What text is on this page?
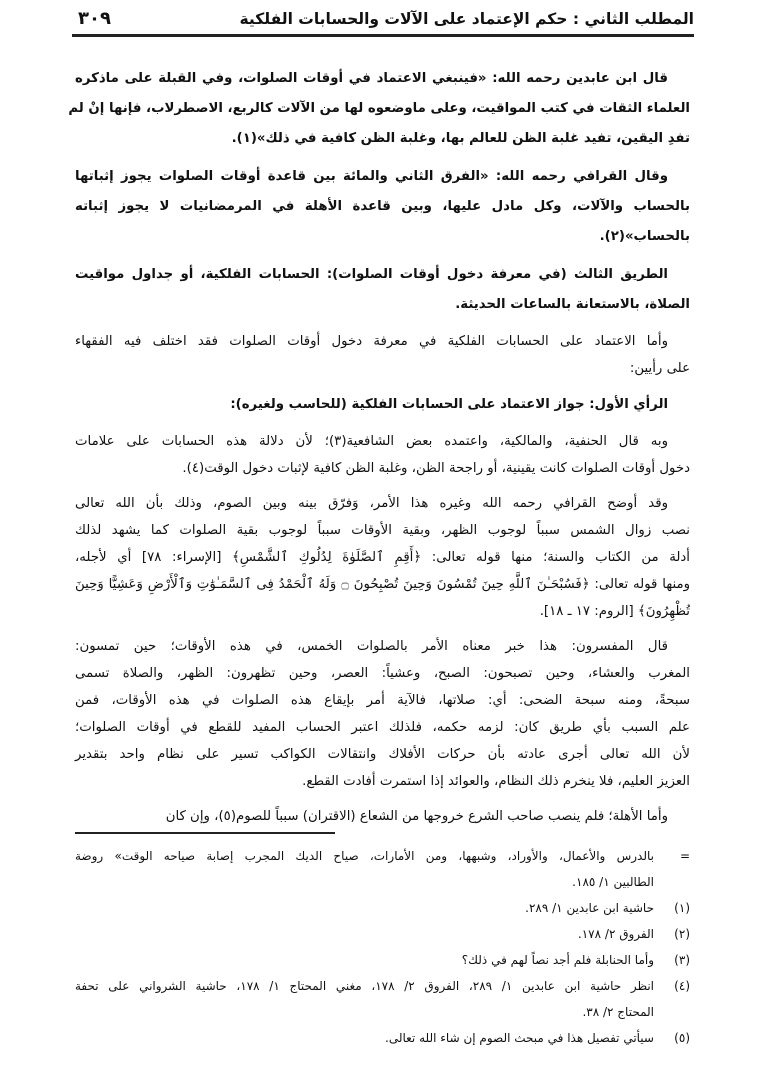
المطلب الثاني : حكم الإعتماد على الآلات والحسابات الفلكية
٣٠٩
قال ابن عابدين رحمه الله: «فينبغي الاعتماد في أوقات الصلوات، وفي القبلة على ماذكره
العلماء الثقات في كتب المواقيت، وعلى ماوضعوه لها من الآلات كالربع، الاصطرلاب، فإنها إنْ لم
تفدِ اليقين، تفيد غلبة الظن للعالم بها، وغلبة الظن كافية في ذلك»(١).
وقال القرافي رحمه الله: «الفرق الثاني والمائة بين قاعدة أوقات الصلوات يجوز إثباتها
بالحساب والآلات، وكل مادل عليها، وبين قاعدة الأهلة في المرمضانيات لا يجوز إثباته
بالحساب»(٢).
الطريق الثالث (في معرفة دخول أوقات الصلوات): الحسابات الفلكية، أو جداول مواقيت
الصلاة، بالاستعانة بالساعات الحديثة.
وأما الاعتماد على الحسابات الفلكية في معرفة دخول أوقات الصلوات فقد اختلف فيه الفقهاء
على رأيين:
الرأي الأول: جواز الاعتماد على الحسابات الفلكية (للحاسب ولغيره):
وبه قال الحنفية، والمالكية، واعتمده بعض الشافعية(٣)؛ لأن دلالة هذه الحسابات على علامات
دخول أوقات الصلوات كانت يقينية، أو راجحة الظن، وغلبة الظن كافية لإثبات دخول الوقت(٤).
وقد أوضح القرافي رحمه الله وغيره هذا الأمر، وَفرّق بينه وبين الصوم، وذلك بأن الله تعالى
نصب زوال الشمس سبباً لوجوب الظهر، وبقية الأوقات سبباً لوجوب بقية الصلوات كما يشهد لذلك
أدلة من الكتاب والسنة؛ منها قوله تعالى: ﴿أَقِمِ ٱلصَّلَوٰةَ لِدُلُوكِ ٱلشَّمْسِ﴾ [الإسراء: ٧٨] أي لأجله،
ومنها قوله تعالى: ﴿فَسُبْحَـٰنَ ٱللَّهِ حِينَ تُمْسُونَ وَحِينَ تُصْبِحُونَ ۝ وَلَهُ ٱلْحَمْدُ فِى ٱلسَّمَـٰوَٰتِ وَٱلْأَرْضِ وَعَشِيًّا وَحِينَ
تُظْهِرُونَ﴾ [الروم: ١٧ ـ ١٨].
قال المفسرون: هذا خبر معناه الأمر بالصلوات الخمس، في هذه الأوقات؛ حين تمسون:
المغرب والعشاء، وحين تصبحون: الصبح، وعشياً: العصر، وحين تظهرون: الظهر، والصلاة تسمى
سبحةً، ومنه سبحة الضحى: أي: صلاتها، فالآية أمر بإيقاع هذه الصلوات في هذه الأوقات، فمن
علم السبب بأي طريق كان: لزمه حكمه، فلذلك اعتبر الحساب المفيد للقطع في أوقات الصلوات؛
لأن الله تعالى أجرى عادته بأن حركات الأفلاك وانتقالات الكواكب تسير على نظام واحد بتقدير
العزيز العليم، فلا ينخرم ذلك النظام، والعوائد إذا استمرت أفادت القطع.
وأما الأهلة؛ فلم ينصب صاحب الشرع خروجها من الشعاع (الاقتران) سبباً للصوم(٥)، وإن كان
=
بالدرس والأعمال، والأوراد، وشبهها، ومن الأمارات، صياح الديك المجرب إصابة صياحه الوقت» روضة
الطالبين ١/ ١٨٥.
(١)
حاشية ابن عابدين ١/ ٢٨٩.
(٢)
الفروق ٢/ ١٧٨.
(٣)
وأما الحنابلة فلم أجد نصاً لهم في ذلك؟
(٤)
انظر حاشية ابن عابدين ١/ ٢٨٩، الفروق ٢/ ١٧٨، مغني المحتاج ١/ ١٧٨، حاشية الشرواني على تحفة
المحتاج ٢/ ٣٨.
(٥)
سيأتي تفصيل هذا في مبحث الصوم إن شاء الله تعالى.
